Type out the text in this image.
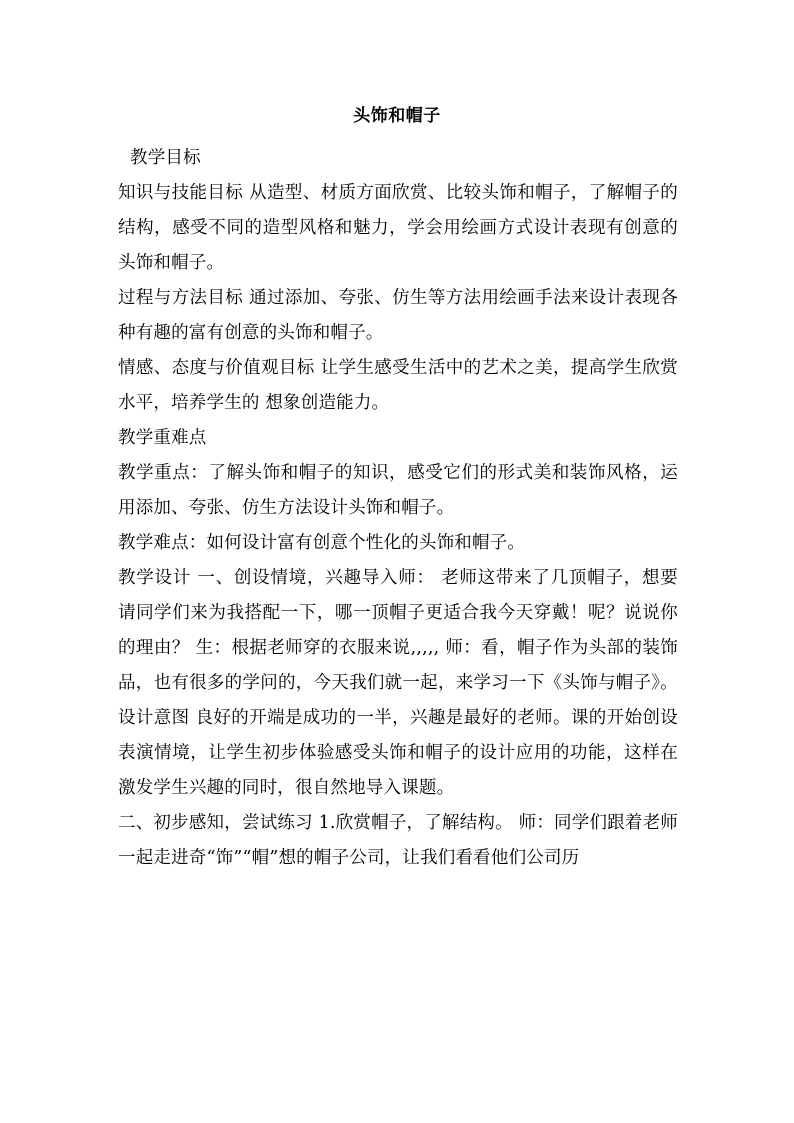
头饰和帽子

教学目标

知识与技能目标 从造型、材质方面欣赏、比较头饰和帽子，了解帽子的结构，感受不同的造型风格和魅力，学会用绘画方式设计表现有创意的头饰和帽子。

过程与方法目标 通过添加、夸张、仿生等方法用绘画手法来设计表现各种有趣的富有创意的头饰和帽子。

情感、态度与价值观目标 让学生感受生活中的艺术之美，提高学生欣赏水平，培养学生的 想象创造能力。

教学重难点

教学重点：了解头饰和帽子的知识，感受它们的形式美和装饰风格，运用添加、夸张、仿生方法设计头饰和帽子。

教学难点：如何设计富有创意个性化的头饰和帽子。

教学设计 一、创设情境，兴趣导入师： 老师这带来了几顶帽子，想要请同学们来为我搭配一下，哪一顶帽子更适合我今天穿戴！呢？说说你的理由？ 生：根据老师穿的衣服来说,,,,, 师：看，帽子作为头部的装饰品，也有很多的学问的，今天我们就一起，来学习一下《头饰与帽子》。 设计意图 良好的开端是成功的一半，兴趣是最好的老师。课的开始创设表演情境，让学生初步体验感受头饰和帽子的设计应用的功能，这样在激发学生兴趣的同时，很自然地导入课题。

二、初步感知，尝试练习 1.欣赏帽子，了解结构。 师：同学们跟着老师一起走进奇“饰”“帽”想的帽子公司，让我们看看他们公司历
